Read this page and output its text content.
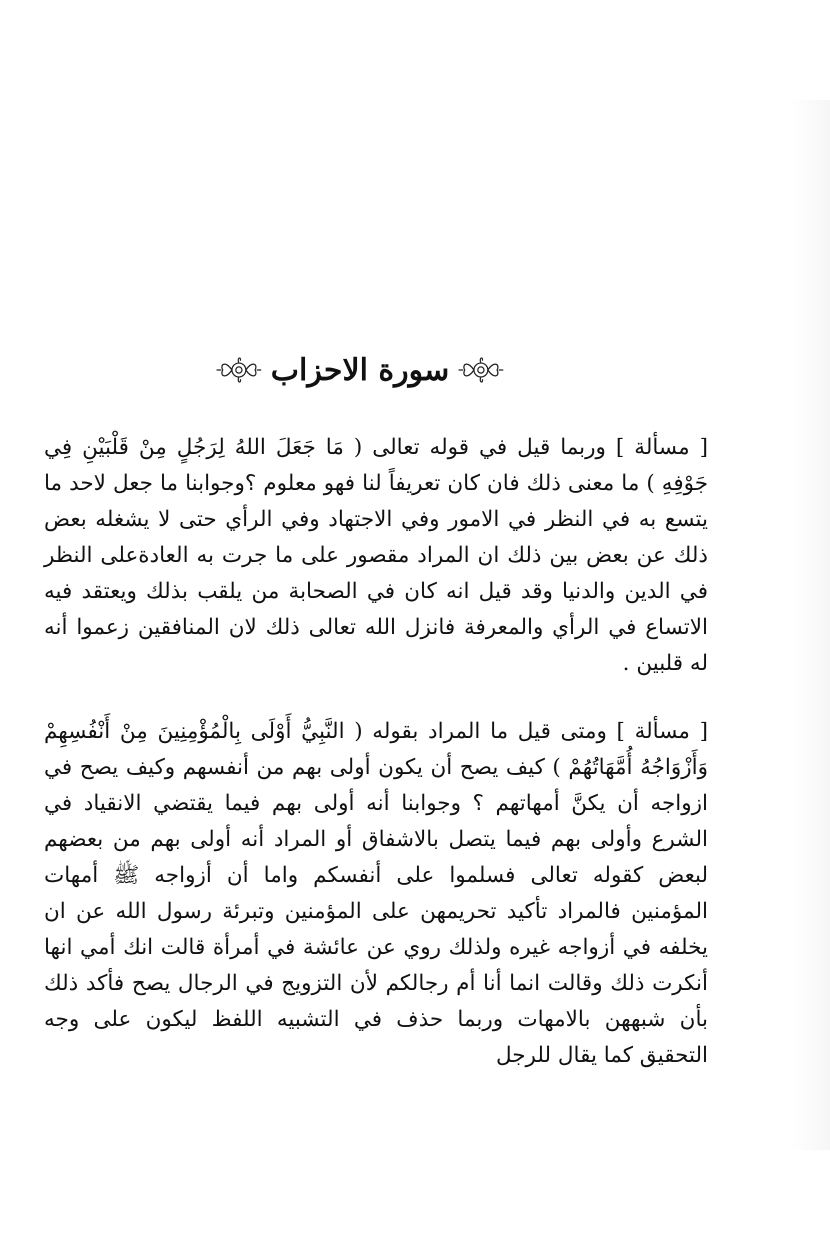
سورة الاحزاب

[ مسألة ] وربما قيل في قوله تعالى ( مَا جَعَلَ اللهُ لِرَجُلٍ مِنْ قَلْبَيْنِ فِي جَوْفِهِ ) ما معنى ذلك فان كان تعريفاً لنا فهو معلوم ؟وجوابنا ما جعل لاحد ما يتسع به في النظر في الامور وفي الاجتهاد وفي الرأي حتى لا يشغله بعض ذلك عن بعض بين ذلك ان المراد مقصور على ما جرت به العادةعلى النظر في الدين والدنيا وقد قيل انه كان في الصحابة من يلقب بذلك ويعتقد فيه الاتساع في الرأي والمعرفة فانزل الله تعالى ذلك لان المنافقين زعموا أنه له قلبين .

[ مسألة ] ومتى قيل ما المراد بقوله ( النَّبِيُّ أَوْلَى بِالْمُؤْمِنِينَ مِنْ أَنْفُسِهِمْ وَأَزْوَاجُهُ أُمَّهَاتُهُمْ ) كيف يصح أن يكون أولى بهم من أنفسهم وكيف يصح في ازواجه أن يكنَّ أمهاتهم ؟ وجوابنا أنه أولى بهم فيما يقتضي الانقياد في الشرع وأولى بهم فيما يتصل بالاشفاق أو المراد أنه أولى بهم من بعضهم لبعض كقوله تعالى فسلموا على أنفسكم واما أن أزواجه ﷺ أمهات المؤمنين فالمراد تأكيد تحريمهن على المؤمنين وتبرئة رسول الله عن ان يخلفه في أزواجه غيره ولذلك روي عن عائشة في أمرأة قالت انك أمي انها أنكرت ذلك وقالت انما أنا أم رجالكم لأن التزويج في الرجال يصح فأكد ذلك بأن شبههن بالامهات وربما حذف في التشبيه اللفظ ليكون على وجه التحقيق كما يقال للرجل
